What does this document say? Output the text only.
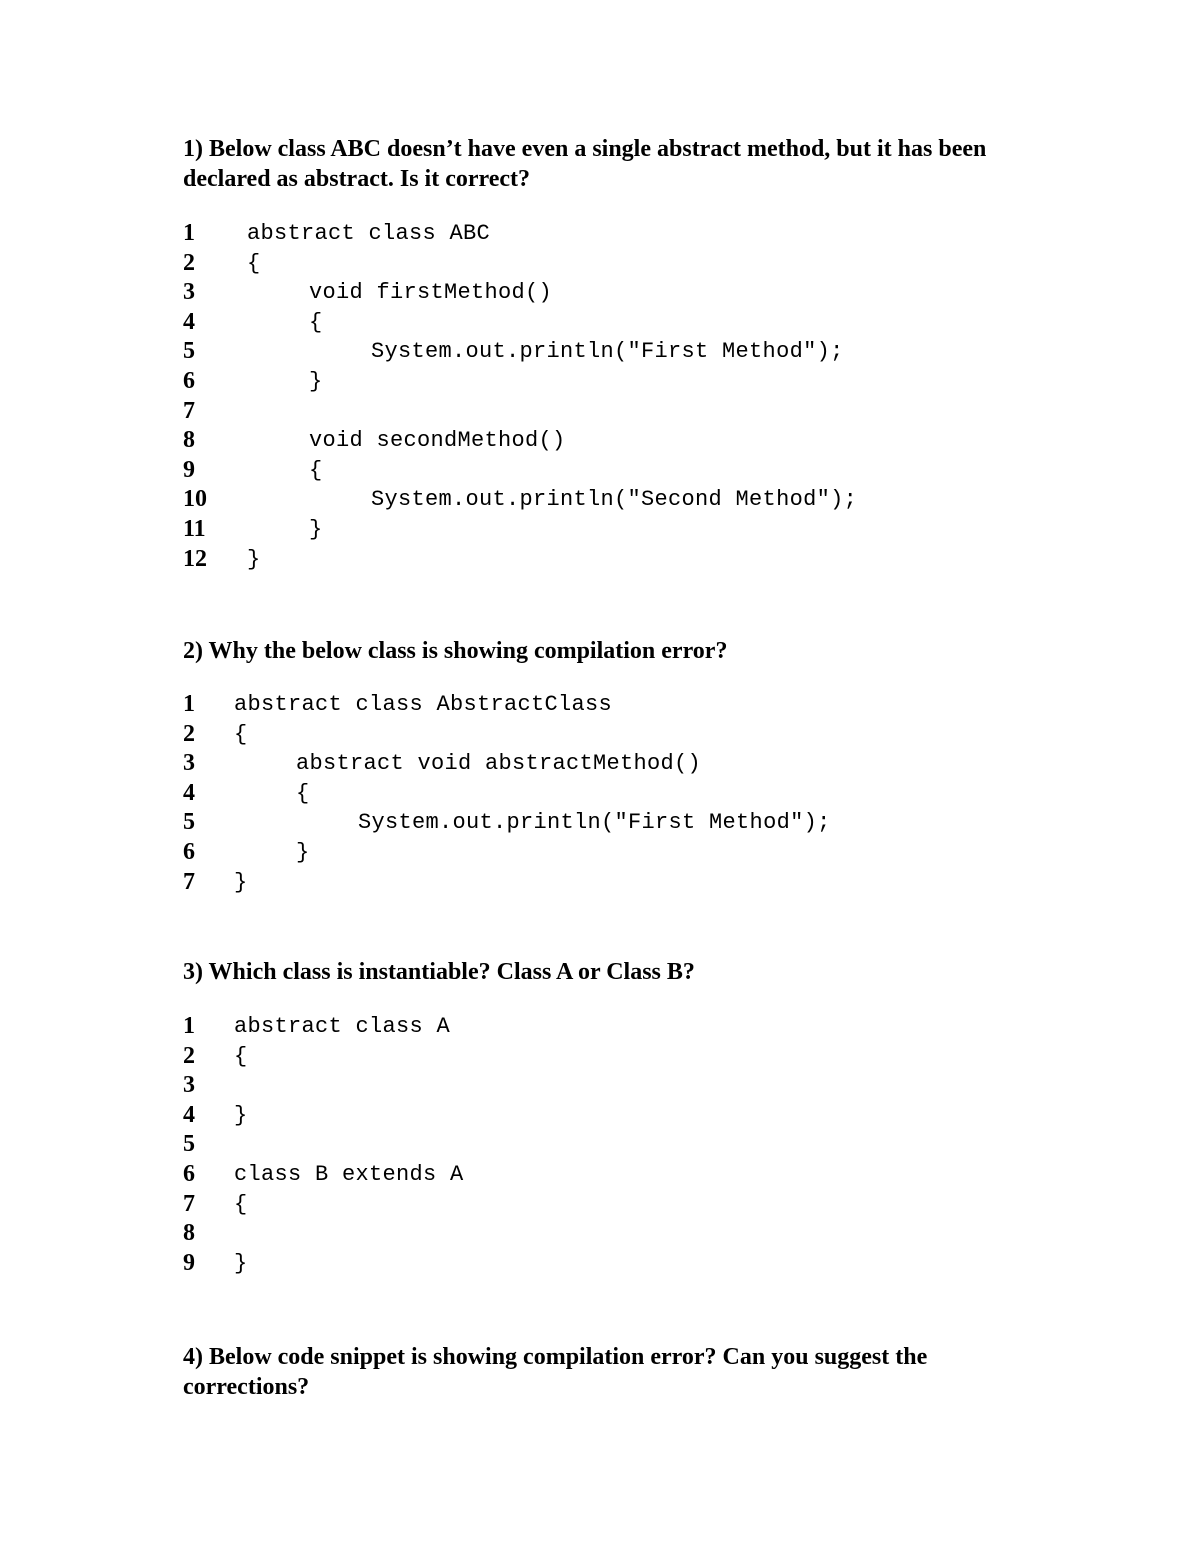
1) Below class ABC doesn’t have even a single abstract method, but it has been declared as abstract. Is it correct?

1 abstract class ABC
2 {
3	void firstMethod()
4	{
5	System.out.println("First Method");
6	}
7
8	void secondMethod()
9	{
10	System.out.println("Second Method");
11	}
12 }

2) Why the below class is showing compilation error?

1 abstract class AbstractClass
2 {
3	abstract void abstractMethod()
4	{
5	System.out.println("First Method");
6	}
7 }

3) Which class is instantiable? Class A or Class B?

1 abstract class A
2 {
3
4 }
5
6 class B extends A
7 {
8
9 }

4) Below code snippet is showing compilation error? Can you suggest the corrections?
